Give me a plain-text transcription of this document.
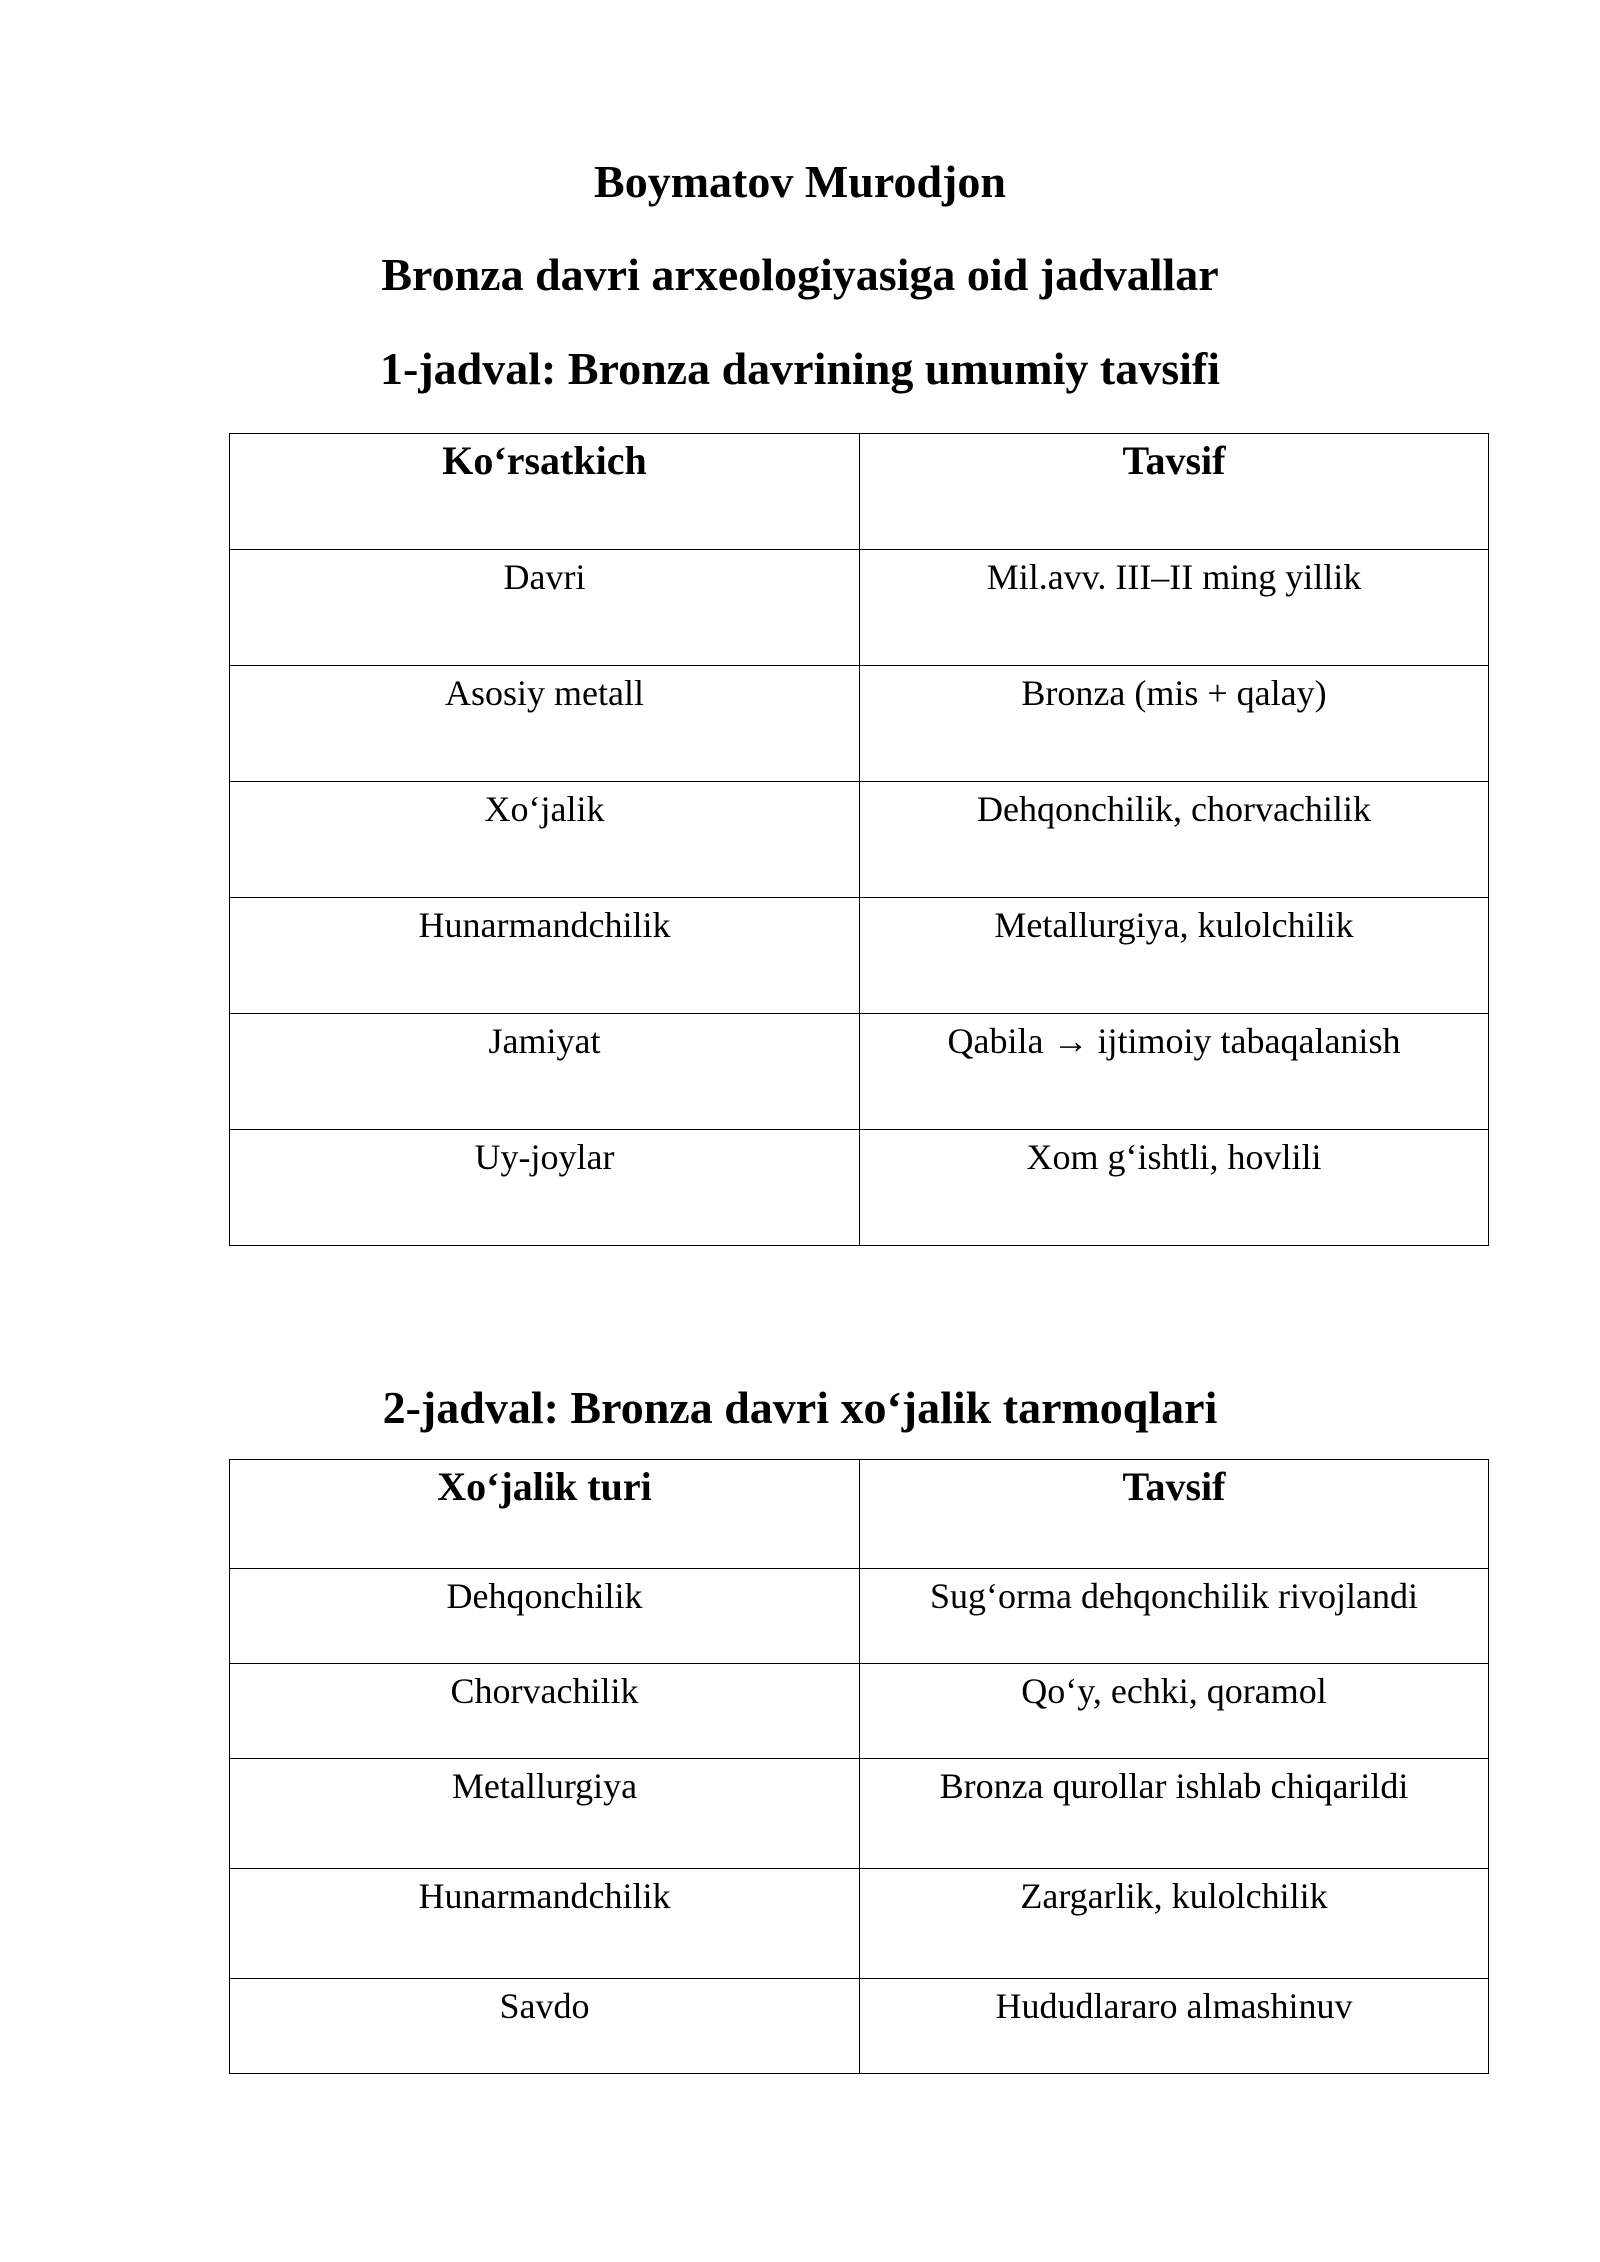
Boymatov Murodjon
Bronza davri arxeologiyasiga oid jadvallar
1-jadval: Bronza davrining umumiy tavsifi
Ko‘rsatkich	Tavsif
Davri	Mil.avv. III–II ming yillik
Asosiy metall	Bronza (mis + qalay)
Xo‘jalik	Dehqonchilik, chorvachilik
Hunarmandchilik	Metallurgiya, kulolchilik
Jamiyat	Qabila → ijtimoiy tabaqalanish
Uy-joylar	Xom g‘ishtli, hovlili
2-jadval: Bronza davri xo‘jalik tarmoqlari
Xo‘jalik turi	Tavsif
Dehqonchilik	Sug‘orma dehqonchilik rivojlandi
Chorvachilik	Qo‘y, echki, qoramol
Metallurgiya	Bronza qurollar ishlab chiqarildi
Hunarmandchilik	Zargarlik, kulolchilik
Savdo	Hududlararo almashinuv
